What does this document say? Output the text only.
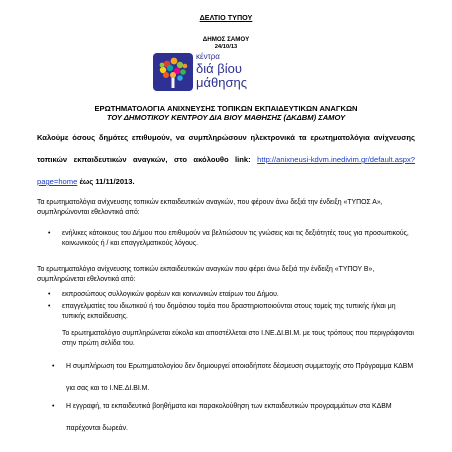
ΔΕΛΤΙΟ ΤΥΠΟΥ
ΔΗΜΟΣ ΣΑΜΟΥ
24/10/13
κέντρα
διά βίου
μάθησης
ΕΡΩΤΗΜΑΤΟΛΟΓΙΑ ΑΝΙΧΝΕΥΣΗΣ ΤΟΠΙΚΩΝ ΕΚΠΑΙΔΕΥΤΙΚΩΝ ΑΝΑΓΚΩΝ
ΤΟΥ ΔΗΜΟΤΙΚΟΥ ΚΕΝΤΡΟΥ ΔΙΑ ΒΙΟΥ ΜΑΘΗΣΗΣ (ΔΚΔΒΜ) ΣΑΜΟΥ
Καλούμε όσους δημότες επιθυμούν, να συμπληρώσουν ηλεκτρονικά τα ερωτηματολόγια ανίχνευσης τοπικών εκπαιδευτικών αναγκών, στο ακόλουθο link: http://anixneusi-kdvm.inedivim.gr/default.aspx?page=home έως 11/11/2013.
Τα ερωτηματολόγια ανίχνευσης τοπικών εκπαιδευτικών αναγκών, που φέρουν άνω δεξιά την ένδειξη «ΤΥΠΟΣ Α», συμπληρώνονται εθελοντικά από:
• ενήλικες κάτοικους του Δήμου που επιθυμούν να βελτιώσουν τις γνώσεις και τις δεξιότητές τους για προσωπικούς, κοινωνικούς ή / και επαγγελματικούς λόγους.
Το ερωτηματολόγιο ανίχνευσης τοπικών εκπαιδευτικών αναγκών που φέρει άνω δεξιά την ένδειξη «ΤΥΠΟΥ Β», συμπληρώνεται εθελοντικά από:
• εκπροσώπους συλλογικών φορέων και κοινωνικών εταίρων του Δήμου.
• επαγγελματίες του ιδιωτικού ή του δημόσιου τομέα που δραστηριοποιούνται στους τομείς της τυπικής ή/και μη τυπικής εκπαίδευσης.
Το ερωτηματολόγιο συμπληρώνεται εύκολα και αποστέλλεται στο Ι.ΝΕ.ΔΙ.ΒΙ.Μ. με τους τρόπους που περιγράφονται στην πρώτη σελίδα του.
• Η συμπλήρωση του Ερωτηματολογίου δεν δημιουργεί οποιαδήποτε δέσμευση συμμετοχής στο Πρόγραμμα ΚΔΒΜ για σας και το Ι.ΝΕ.ΔΙ.ΒΙ.Μ.
• Η εγγραφή, τα εκπαιδευτικά βοηθήματα και παρακολούθηση των εκπαιδευτικών προγραμμάτων στα ΚΔΒΜ παρέχονται δωρεάν.
